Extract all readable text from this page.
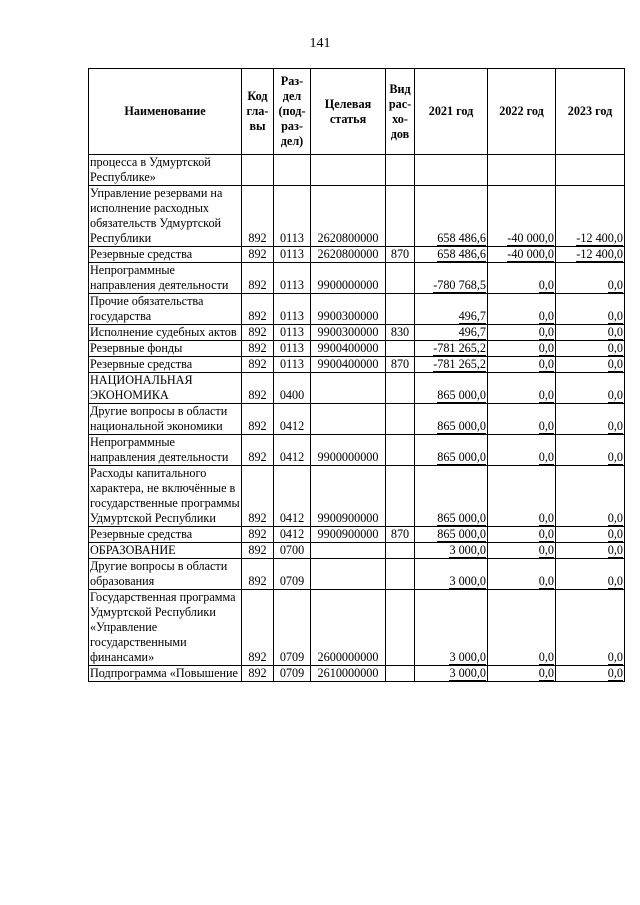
141
Наименование	Код
гла-
вы	Раз-
дел
(под-
раз-
дел)	Целевая
статья	Вид
рас-
хо-
дов	2021 год	2022 год	2023 год
процесса в Удмуртской Республике»							
Управление резервами на исполнение расходных обязательств Удмуртской Республики	892	0113	2620800000		658 486,6	-40 000,0	-12 400,0
Резервные средства	892	0113	2620800000	870	658 486,6	-40 000,0	-12 400,0
Непрограммные направления деятельности	892	0113	9900000000		-780 768,5	0,0	0,0
Прочие обязательства государства	892	0113	9900300000		496,7	0,0	0,0
Исполнение судебных актов	892	0113	9900300000	830	496,7	0,0	0,0
Резервные фонды	892	0113	9900400000		-781 265,2	0,0	0,0
Резервные средства	892	0113	9900400000	870	-781 265,2	0,0	0,0
НАЦИОНАЛЬНАЯ ЭКОНОМИКА	892	0400			865 000,0	0,0	0,0
Другие вопросы в области национальной экономики	892	0412			865 000,0	0,0	0,0
Непрограммные направления деятельности	892	0412	9900000000		865 000,0	0,0	0,0
Расходы капитального характера, не включённые в государственные программы Удмуртской Республики	892	0412	9900900000		865 000,0	0,0	0,0
Резервные средства	892	0412	9900900000	870	865 000,0	0,0	0,0
ОБРАЗОВАНИЕ	892	0700			3 000,0	0,0	0,0
Другие вопросы в области образования	892	0709			3 000,0	0,0	0,0
Государственная программа Удмуртской Республики «Управление государственными финансами»	892	0709	2600000000		3 000,0	0,0	0,0
Подпрограмма «Повышение	892	0709	2610000000		3 000,0	0,0	0,0
